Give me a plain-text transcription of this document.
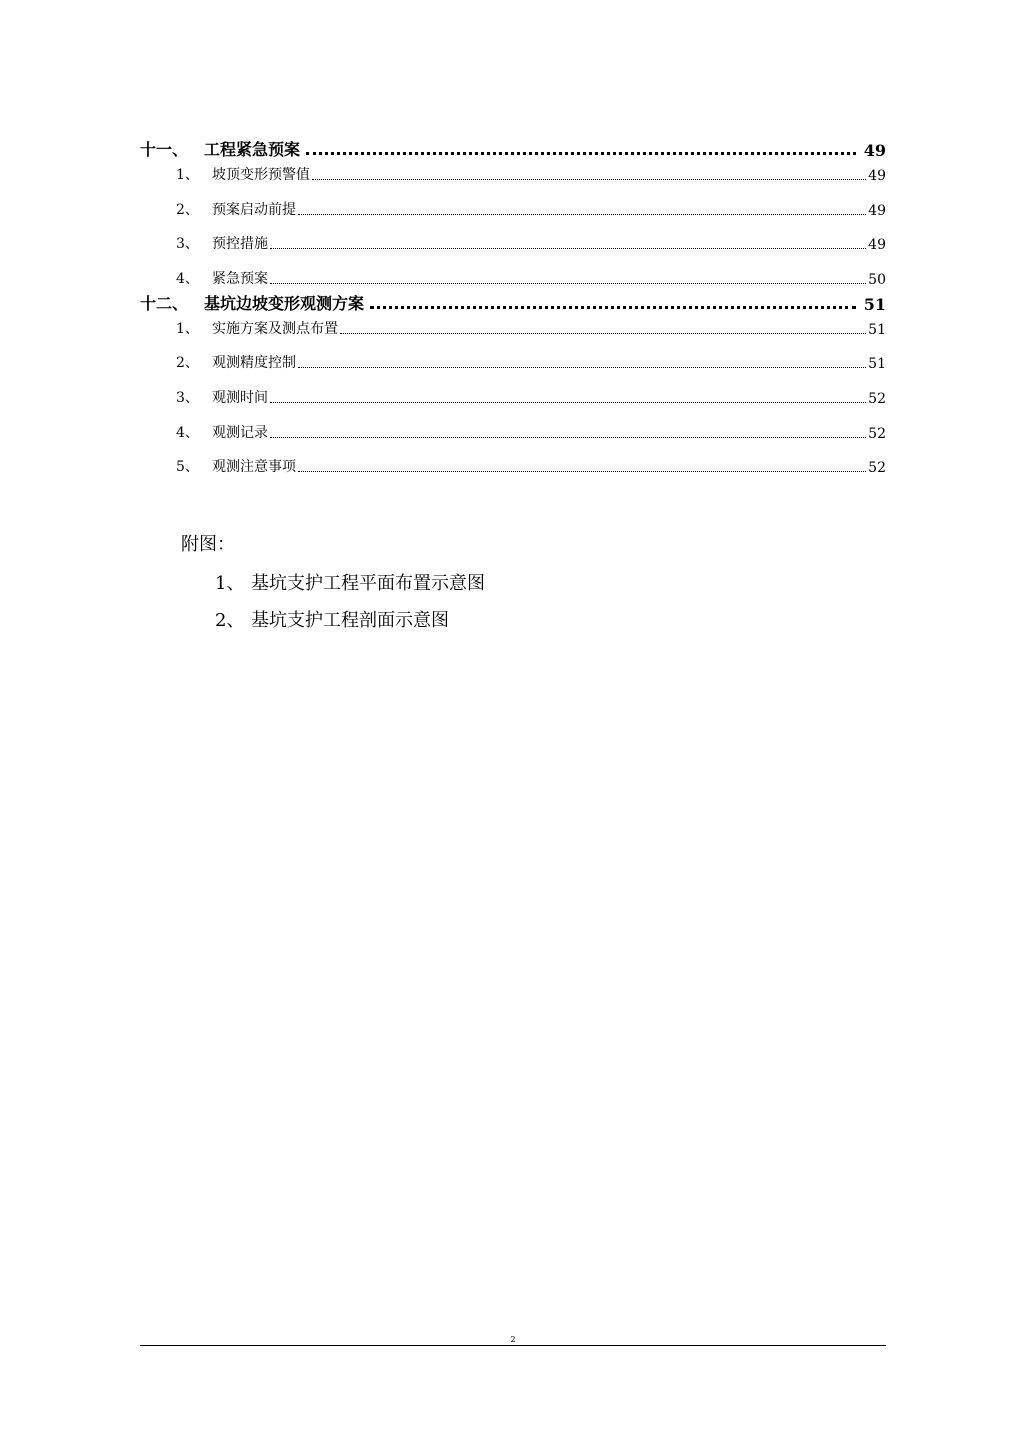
十一、 工程紧急预案	49
1、 坡顶变形预警值	49
2、 预案启动前提	49
3、 预控措施	49
4、 紧急预案	50
十二、 基坑边坡变形观测方案	51
1、 实施方案及测点布置	51
2、 观测精度控制	51
3、 观测时间	52
4、 观测记录	52
5、 观测注意事项	52
附图：
1、 基坑支护工程平面布置示意图
2、 基坑支护工程剖面示意图
2
